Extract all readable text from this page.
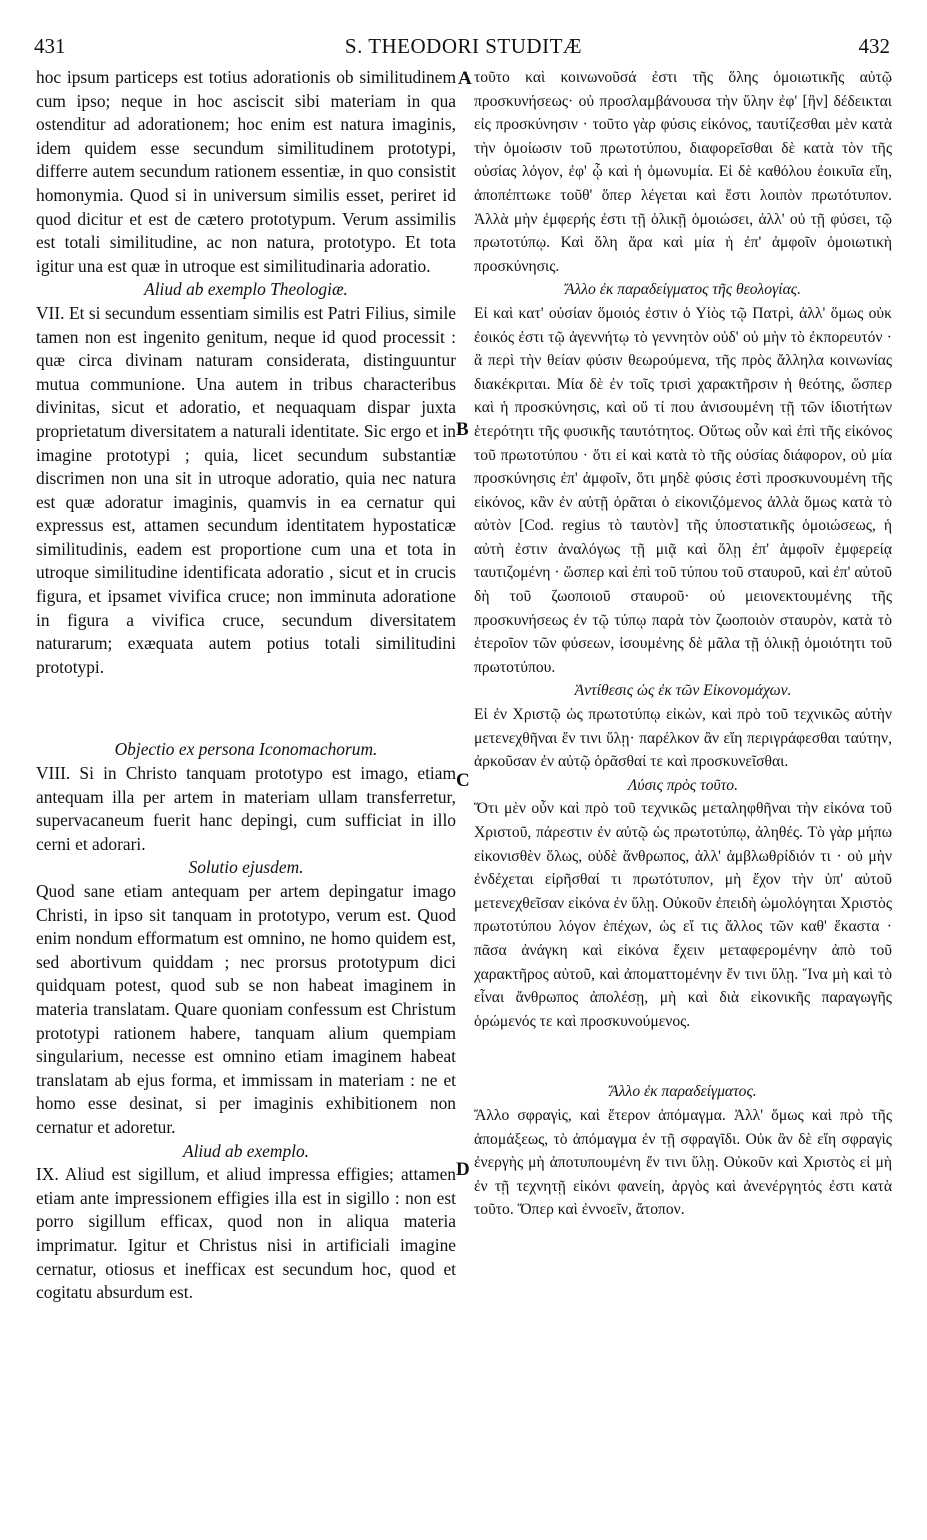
431	S. THEODORI STUDITÆ	432
A
B
C
D

hoc ipsum particeps est totius adorationis ob similitudinem cum ipso; neque in hoc asciscit sibi materiam in qua ostenditur ad adorationem; hoc enim est natura imaginis, idem quidem esse secundum similitudinem prototypi, differre autem secundum rationem essentiæ, in quo consistit homonymia. Quod si in universum similis esset, periret id quod dicitur et est de cætero prototypum. Verum assimilis est totali similitudine, ac non natura, prototypo. Et tota igitur una est quæ in utroque est similitudinaria adoratio.

Aliud ab exemplo Theologiæ.

VII. Et si secundum essentiam similis est Patri Filius, simile tamen non est ingenito genitum, neque id quod processit : quæ circa divinam naturam considerata, distinguuntur mutua communione. Una autem in tribus characteribus divinitas, sicut et adoratio, et nequaquam dispar juxta proprietatum diversitatem a naturali identitate. Sic ergo et in imagine prototypi ; quia, licet secundum substantiæ discrimen non una sit in utroque adoratio, quia nec natura est quæ adoratur imaginis, quamvis in ea cernatur qui expressus est, attamen secundum identitatem hypostaticæ similitudinis, eadem est proportione cum una et tota in utroque similitudine identificata adoratio , sicut et in crucis figura, et ipsamet vivifica cruce; non imminuta adoratione in figura a vivifica cruce, secundum diversitatem naturarum; exæquata autem potius totali similitudini prototypi.

Objectio ex persona Iconomachorum.

VIII. Si in Christo tanquam prototypo est imago, etiam antequam illa per artem in materiam ullam transferretur, supervacaneum fuerit hanc depingi, cum sufficiat in illo cerni et adorari.

Solutio ejusdem.

Quod sane etiam antequam per artem depingatur imago Christi, in ipso sit tanquam in prototypo, verum est. Quod enim nondum efformatum est omnino, ne homo quidem est, sed abortivum quiddam ; nec prorsus prototypum dici quidquam potest, quod sub se non habeat imaginem in materia translatam. Quare quoniam confessum est Christum prototypi rationem habere, tanquam alium quempiam singularium, necesse est omnino etiam imaginem habeat translatam ab ejus forma, et immissam in materiam : ne et homo esse desinat, si per imaginis exhibitionem non cernatur et adoretur.

Aliud ab exemplo.

IX. Aliud est sigillum, et aliud impressa effigies; attamen etiam ante impressionem effigies illa est in sigillo : non est porro sigillum efficax, quod non in aliqua materia imprimatur. Igitur et Christus nisi in artificiali imagine cernatur, otiosus et inefficax est secundum hoc, quod et cogitatu absurdum est.

τοῦτο καὶ κοινωνοῦσά ἐστι τῆς ὅλης ὁμοιωτικῆς αὐτῷ προσκυνήσεως· οὐ προσλαμβάνουσα τὴν ὕλην ἐφ' [ἣν] δέδεικται εἰς προσκύνησιν · τοῦτο γὰρ φύσις εἰκόνος, ταυτίζεσθαι μὲν κατὰ τὴν ὁμοίωσιν τοῦ πρωτοτύπου, διαφορεῖσθαι δὲ κατὰ τὸν τῆς οὐσίας λόγον, ἐφ' ᾧ καὶ ἡ ὁμωνυμία. Εἰ δὲ καθόλου ἐοικυῖα εἴη, ἀποπέπτωκε τοῦθ' ὅπερ λέγεται καὶ ἔστι λοιπὸν πρωτότυπον. Ἀλλὰ μὴν ἐμφερής ἐστι τῇ ὁλικῇ ὁμοιώσει, ἀλλ' οὐ τῇ φύσει, τῷ πρωτοτύπῳ. Καὶ ὅλη ἄρα καὶ μία ἡ ἐπ' ἀμφοῖν ὁμοιωτικὴ προσκύνησις.

Ἄλλο ἐκ παραδείγματος τῆς θεολογίας.

Εἰ καὶ κατ' οὐσίαν ὅμοιός ἐστιν ὁ Υἱὸς τῷ Πατρὶ, ἀλλ' ὅμως οὐκ ἐοικός ἐστι τῷ ἀγεννήτῳ τὸ γεννητὸν οὐδ' οὐ μὴν τὸ ἐκπορευτόν · ἃ περὶ τὴν θείαν φύσιν θεωρούμενα, τῆς πρὸς ἄλληλα κοινωνίας διακέκριται. Μία δὲ ἐν τοῖς τρισὶ χαρακτῆρσιν ἡ θεότης, ὥσπερ καὶ ἡ προσκύνησις, καὶ οὔ τί που ἀνισουμένη τῇ τῶν ἰδιοτήτων ἑτερότητι τῆς φυσικῆς ταυτότητος. Οὕτως οὖν καὶ ἐπὶ τῆς εἰκόνος τοῦ πρωτοτύπου · ὅτι εἰ καὶ κατὰ τὸ τῆς οὐσίας διάφορον, οὐ μία προσκύνησις ἐπ' ἀμφοῖν, ὅτι μηδὲ φύσις ἐστὶ προσκυνουμένη τῆς εἰκόνος, κἂν ἐν αὐτῇ ὁρᾶται ὁ εἰκονιζόμενος ἀλλὰ ὅμως κατὰ τὸ αὐτὸν [Cod. regius τὸ ταυτὸν] τῆς ὑποστατικῆς ὁμοιώσεως, ἡ αὐτὴ ἐστιν ἀναλόγως τῇ μιᾷ καὶ ὅλῃ ἐπ' ἀμφοῖν ἐμφερείᾳ ταυτιζομένη · ὥσπερ καὶ ἐπὶ τοῦ τύπου τοῦ σταυροῦ, καὶ ἐπ' αὐτοῦ δὴ τοῦ ζωοποιοῦ σταυροῦ· οὐ μειονεκτουμένης τῆς προσκυνήσεως ἐν τῷ τύπῳ παρὰ τὸν ζωοποιὸν σταυρὸν, κατὰ τὸ ἑτεροῖον τῶν φύσεων, ἰσουμένης δὲ μᾶλα τῇ ὁλικῇ ὁμοιότητι τοῦ πρωτοτύπου.

Ἀντίθεσις ὡς ἐκ τῶν Εἰκονομάχων.

Εἰ ἐν Χριστῷ ὡς πρωτοτύπῳ εἰκὼν, καὶ πρὸ τοῦ τεχνικῶς αὐτὴν μετενεχθῆναι ἔν τινι ὕλῃ· παρέλκον ἂν εἴη περιγράφεσθαι ταύτην, ἀρκοῦσαν ἐν αὐτῷ ὁρᾶσθαί τε καὶ προσκυνεῖσθαι.

Λύσις πρὸς τοῦτο.

Ὅτι μὲν οὖν καὶ πρὸ τοῦ τεχνικῶς μεταληφθῆναι τὴν εἰκόνα τοῦ Χριστοῦ, πάρεστιν ἐν αὐτῷ ὡς πρωτοτύπῳ, ἀληθές. Τὸ γὰρ μήπω εἰκονισθὲν ὅλως, οὐδὲ ἄνθρωπος, ἀλλ' ἀμβλωθρίδιόν τι · οὐ μὴν ἐνδέχεται εἰρῆσθαί τι πρωτότυπον, μὴ ἔχον τὴν ὑπ' αὐτοῦ μετενεχθεῖσαν εἰκόνα ἐν ὕλῃ. Οὐκοῦν ἐπειδὴ ὡμολόγηται Χριστὸς πρωτοτύπου λόγον ἐπέχων, ὡς εἴ τις ἄλλος τῶν καθ' ἕκαστα · πᾶσα ἀνάγκη καὶ εἰκόνα ἔχειν μεταφερομένην ἀπὸ τοῦ χαρακτῆρος αὐτοῦ, καὶ ἀποματτομένην ἔν τινι ὕλῃ. Ἵνα μὴ καὶ τὸ εἶναι ἄνθρωπος ἀπολέσῃ, μὴ καὶ διὰ εἰκονικῆς παραγωγῆς ὁρώμενός τε καὶ προσκυνούμενος.

Ἄλλο ἐκ παραδείγματος.

Ἄλλο σφραγὶς, καὶ ἕτερον ἀπόμαγμα. Ἀλλ' ὅμως καὶ πρὸ τῆς ἀπομάξεως, τὸ ἀπόμαγμα ἐν τῇ σφραγῖδι. Οὐκ ἂν δὲ εἴη σφραγὶς ἐνεργὴς μὴ ἀποτυπουμένη ἔν τινι ὕλῃ. Οὐκοῦν καὶ Χριστὸς εἰ μὴ ἐν τῇ τεχνητῇ εἰκόνι φανείη, ἀργὸς καὶ ἀνενέργητός ἐστι κατὰ τοῦτο. Ὅπερ καὶ ἐννοεῖν, ἄτοπον.
